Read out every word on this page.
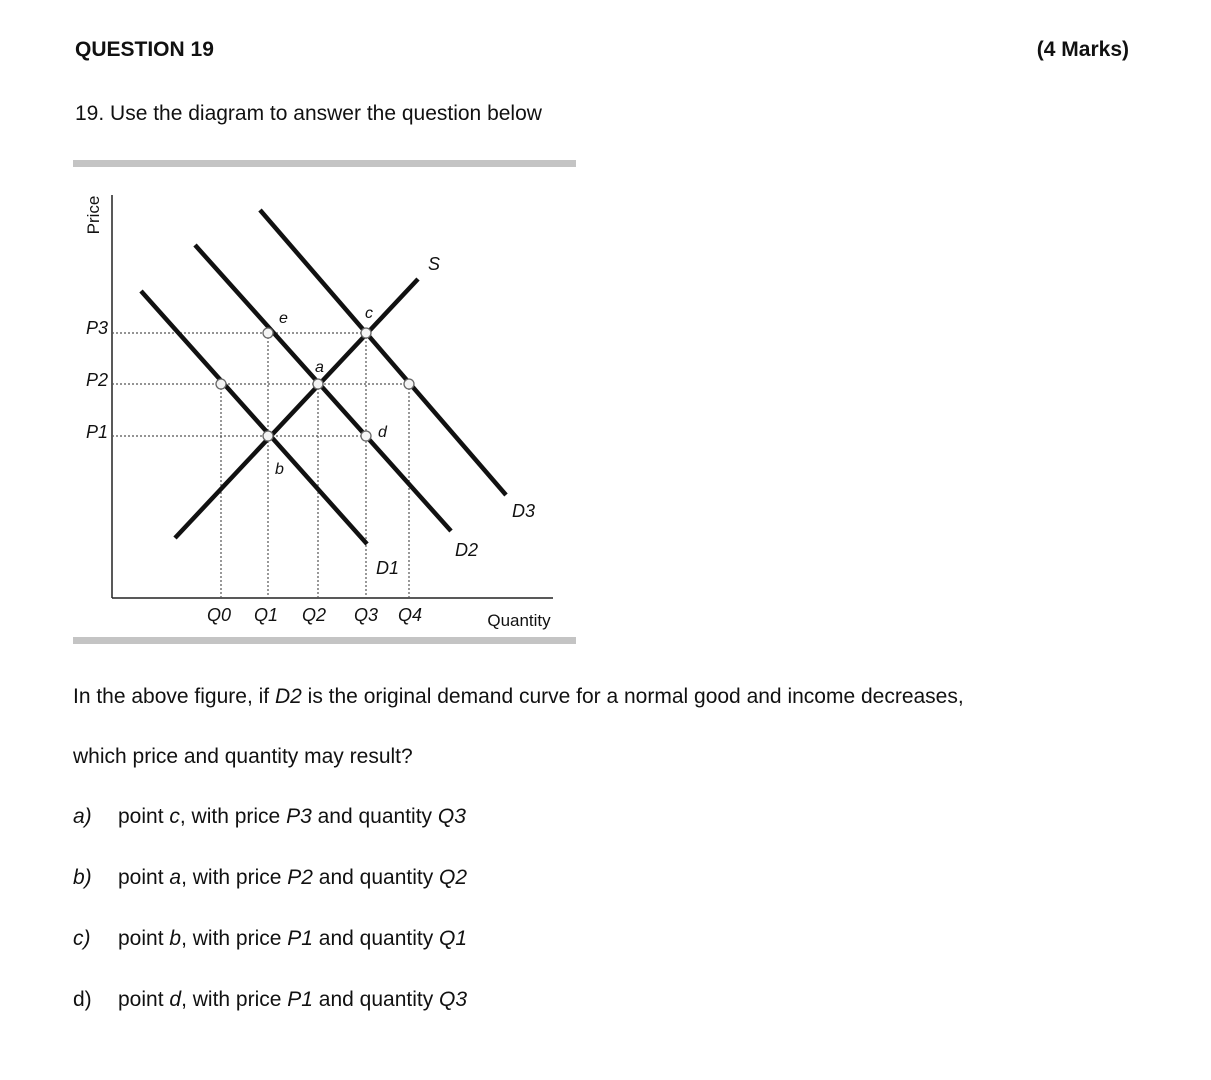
QUESTION 19	(4 Marks)
19. Use the diagram to answer the question below
Price
Quantity
P3
P2
P1
Q0 Q1 Q2 Q3 Q4
S
D1
D2
D3
e	c
a
d
b
In the above figure, if D2 is the original demand curve for a normal good and income decreases,
which price and quantity may result?
a) point c, with price P3 and quantity Q3
b) point a, with price P2 and quantity Q2
c) point b, with price P1 and quantity Q1
d) point d, with price P1 and quantity Q3
